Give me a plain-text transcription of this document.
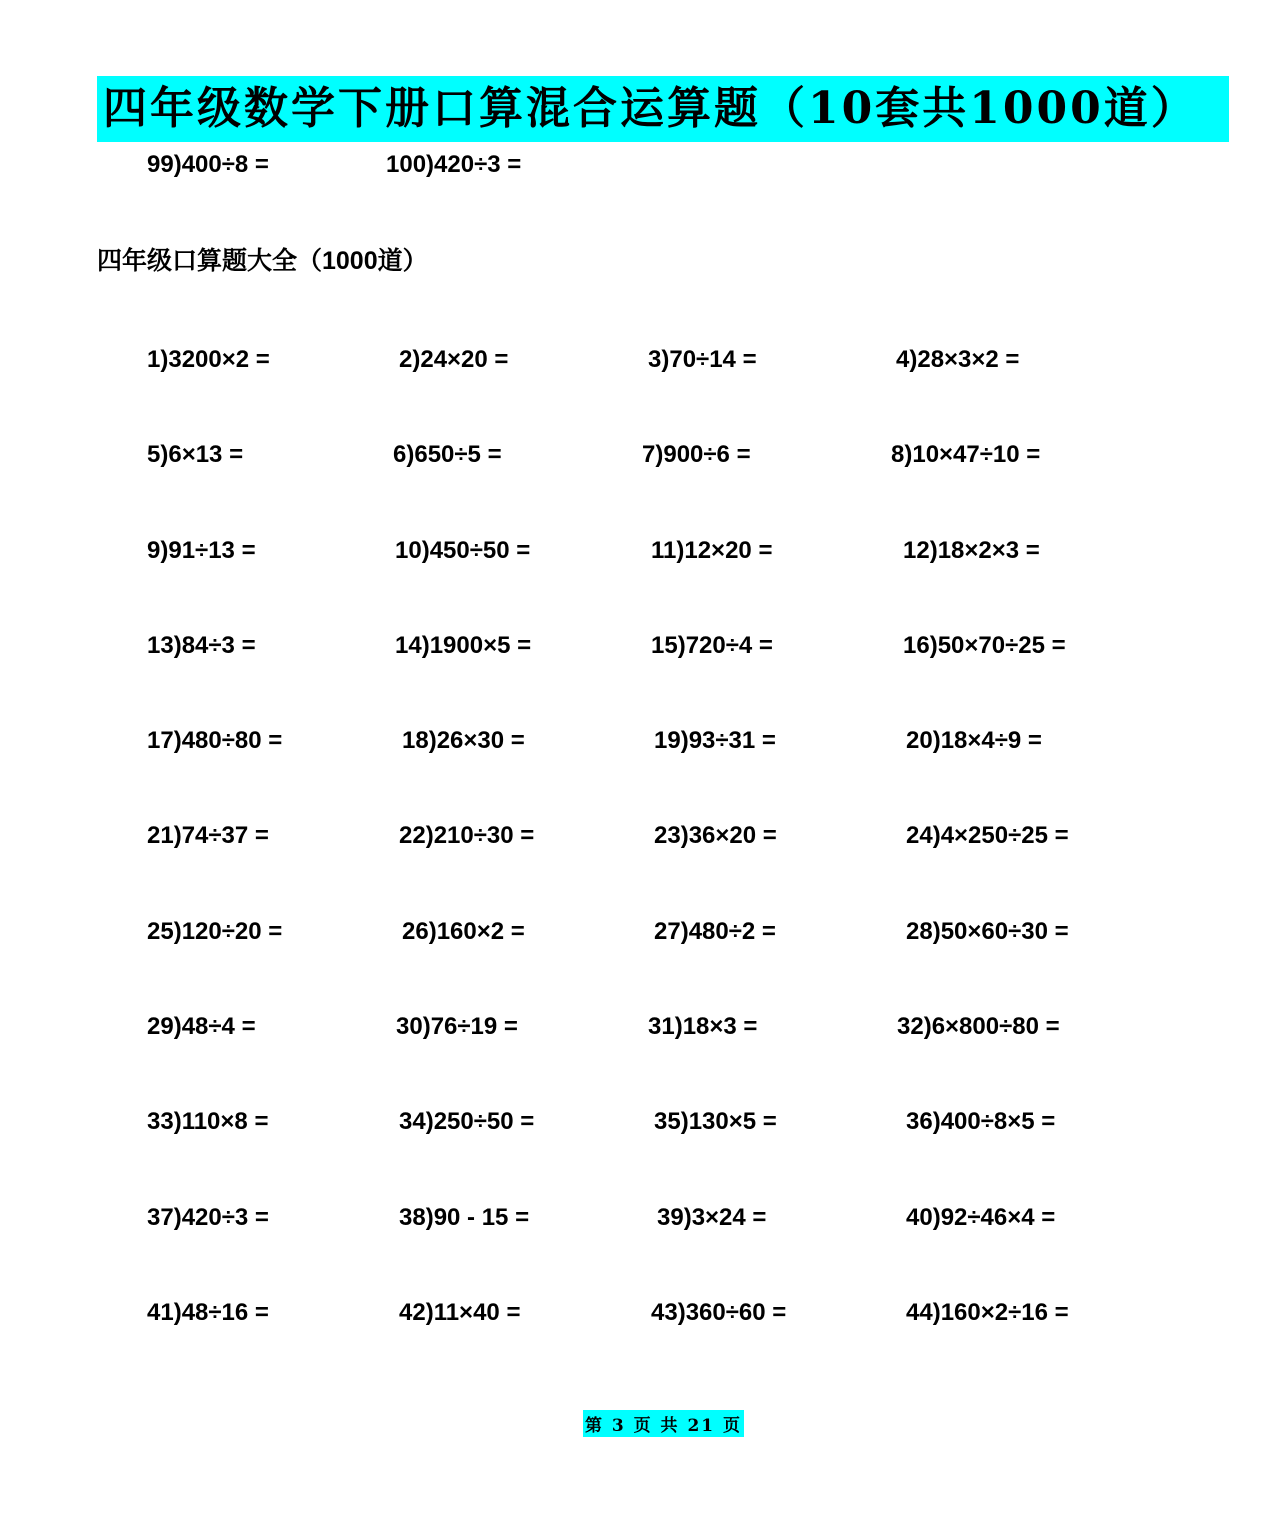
四年级数学下册口算混合运算题（10套共1000道）
99)400÷8 =	100)420÷3 =
四年级口算题大全（1000道）
1)3200×2 =	2)24×20 =	3)70÷14 =	4)28×3×2 =
5)6×13 =	6)650÷5 =	7)900÷6 =	8)10×47÷10 =
9)91÷13 =	10)450÷50 =	11)12×20 =	12)18×2×3 =
13)84÷3 =	14)1900×5 =	15)720÷4 =	16)50×70÷25 =
17)480÷80 =	18)26×30 =	19)93÷31 =	20)18×4÷9 =
21)74÷37 =	22)210÷30 =	23)36×20 =	24)4×250÷25 =
25)120÷20 =	26)160×2 =	27)480÷2 =	28)50×60÷30 =
29)48÷4 =	30)76÷19 =	31)18×3 =	32)6×800÷80 =
33)110×8 =	34)250÷50 =	35)130×5 =	36)400÷8×5 =
37)420÷3 =	38)90 - 15 =	39)3×24 =	40)92÷46×4 =
41)48÷16 =	42)11×40 =	43)360÷60 =	44)160×2÷16 =
第 3 页 共 21 页
